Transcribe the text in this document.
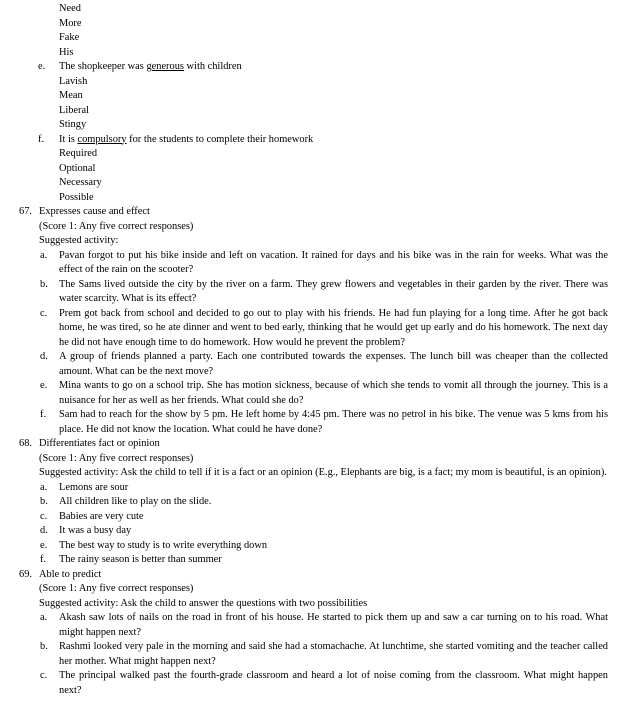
Need
More
Fake
His
e.	The shopkeeper was generous with children
Lavish
Mean
Liberal
Stingy
f.	It is compulsory for the students to complete their homework
Required
Optional
Necessary
Possible
67. Expresses cause and effect
(Score 1: Any five correct responses)
Suggested activity:
a.	Pavan forgot to put his bike inside and left on vacation. It rained for days and his bike was in the rain for weeks. What was the effect of the rain on the scooter?

b.	The Sams lived outside the city by the river on a farm. They grew flowers and vegetables in their garden by the river. There was water scarcity. What is its effect?

c.	Prem got back from school and decided to go out to play with his friends. He had fun playing for a long time. After he got back home, he was tired, so he ate dinner and went to bed early, thinking that he would get up early and do his homework. The next day he did not have enough time to do homework. How would he prevent the problem?

d.	A group of friends planned a party. Each one contributed towards the expenses. The lunch bill was cheaper than the collected amount. What can be the next move?

e.	Mina wants to go on a school trip. She has motion sickness, because of which she tends to vomit all through the journey. This is a nuisance for her as well as her friends. What could she do?

f.	Sam had to reach for the show by 5 pm. He left home by 4:45 pm. There was no petrol in his bike. The venue was 5 kms from his place. He did not know the location. What could he have done?

68. Differentiates fact or opinion
(Score 1: Any five correct responses)

Suggested activity: Ask the child to tell if it is a fact or an opinion (E.g., Elephants are big, is a fact; my mom is beautiful, is an opinion).

a.	Lemons are sour

b.	All children like to play on the slide.

c.	Babies are very cute

d.	It was a busy day

e.	The best way to study is to write everything down

f.	The rainy season is better than summer

69. Able to predict
(Score 1: Any five correct responses)
Suggested activity: Ask the child to answer the questions with two possibilities
a.	Akash saw lots of nails on the road in front of his house. He started to pick them up and saw a car turning on to his road. What might happen next?

b.	Rashmi looked very pale in the morning and said she had a stomachache. At lunchtime, she started vomiting and the teacher called her mother. What might happen next?

c.	The principal walked past the fourth-grade classroom and heard a lot of noise coming from the classroom. What might happen next?
